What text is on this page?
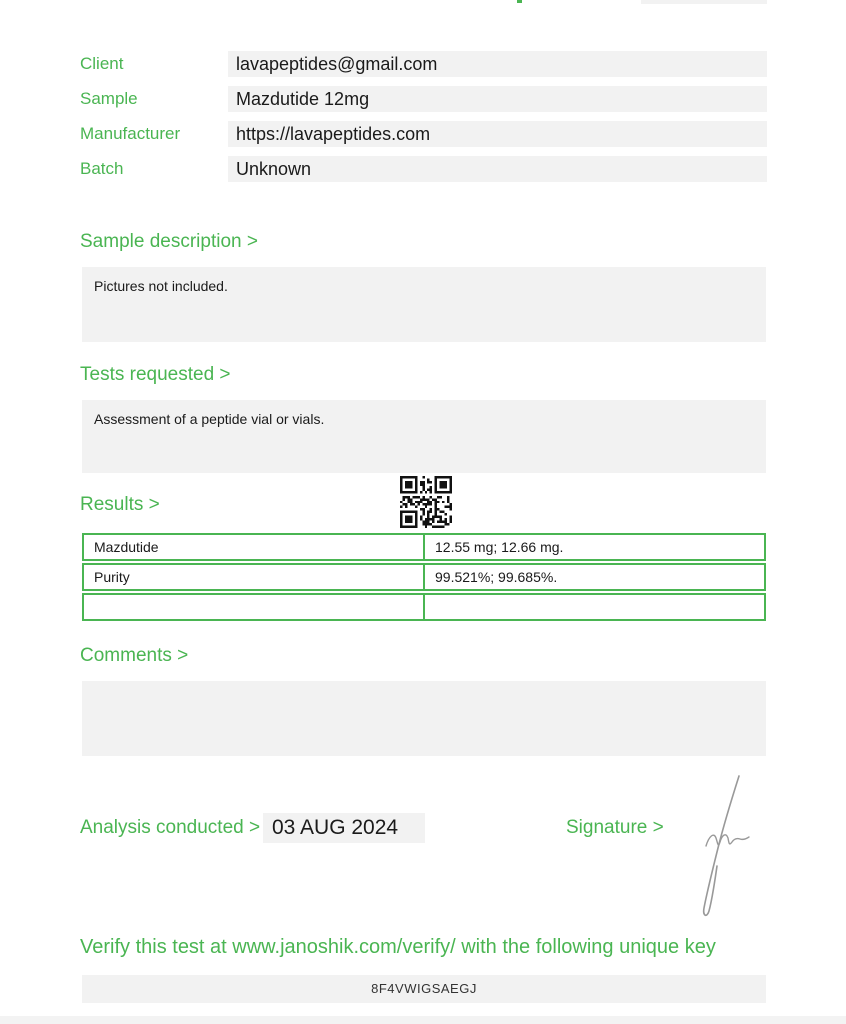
Client	lavapeptides@gmail.com
Sample	Mazdutide 12mg
Manufacturer	https://lavapeptides.com
Batch	Unknown
Sample description >
Pictures not included.
Tests requested >
Assessment of a peptide vial or vials.
Results >
Mazdutide	12.55 mg; 12.66 mg.
Purity	99.521%; 99.685%.
Comments >
Analysis conducted > 03 AUG 2024	Signature >
Verify this test at www.janoshik.com/verify/ with the following unique key
8F4VWIGSAEGJ
